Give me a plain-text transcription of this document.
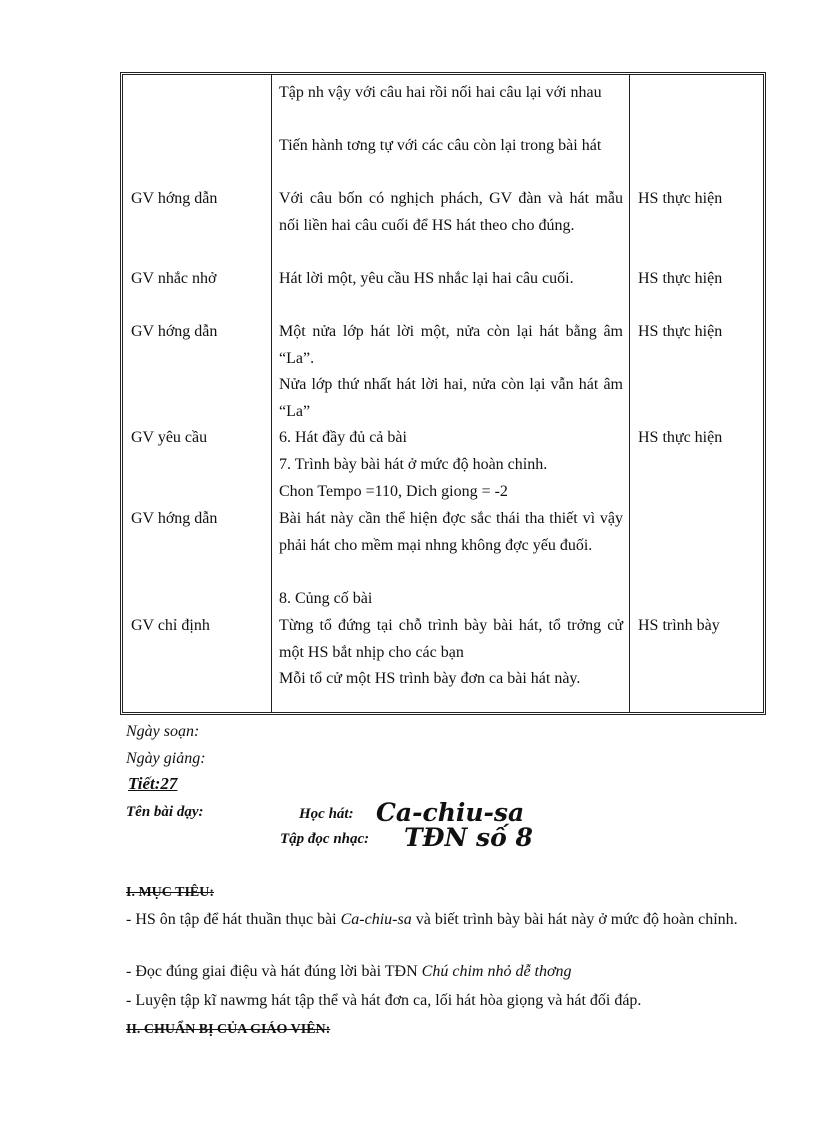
Tập nh vậy với câu hai rồi nối hai câu lại với nhau
Tiến hành tơng tự với các câu còn lại trong bài hát
Với câu bốn có nghịch phách, GV đàn và hát mẫu nối liền hai câu cuối để HS hát theo cho đúng.
Hát lời một, yêu cầu HS nhắc lại hai câu cuối.
Một nửa lớp hát lời một, nửa còn lại hát bằng âm “La”.
Nửa lớp thứ nhất hát lời hai, nửa còn lại vẫn hát âm “La”
6. Hát đầy đủ cả bài
7. Trình bày bài hát ở mức độ hoàn chỉnh.
Chon Tempo =110, Dich giong = -2
Bài hát này cần thể hiện đợc sắc thái tha thiết vì vậy phải hát cho mềm mại nhng không đợc yếu đuối.
8. Củng cố bài
Từng tổ đứng tại chỗ trình bày bài hát, tổ trởng cử một HS bắt nhịp cho các bạn
Mỗi tổ cử một HS trình bày đơn ca bài hát này.
GV hớng dẫn
GV nhắc nhở
GV hớng dẫn
GV yêu cầu
GV hớng dẫn
GV chỉ định
HS thực hiện
HS thực hiện
HS thực hiện
HS thực hiện
HS trình bày
Ngày soạn:
Ngày giảng:
Tiết:27
Tên bài dạy:	Học hát: Ca-chiu-sa
Tập đọc nhạc: TĐN số 8
I. MỤC TIÊU:
- HS ôn tập để hát thuần thục bài Ca-chiu-sa và biết trình bày bài hát này ở mức độ hoàn chỉnh.
- Đọc đúng giai điệu và hát đúng lời bài TĐN Chú chim nhỏ dễ thơng
- Luyện tập kĩ nawmg hát tập thể và hát đơn ca, lối hát hòa giọng và hát đối đáp.
II. CHUẨN BỊ CỦA GIÁO VIÊN:
